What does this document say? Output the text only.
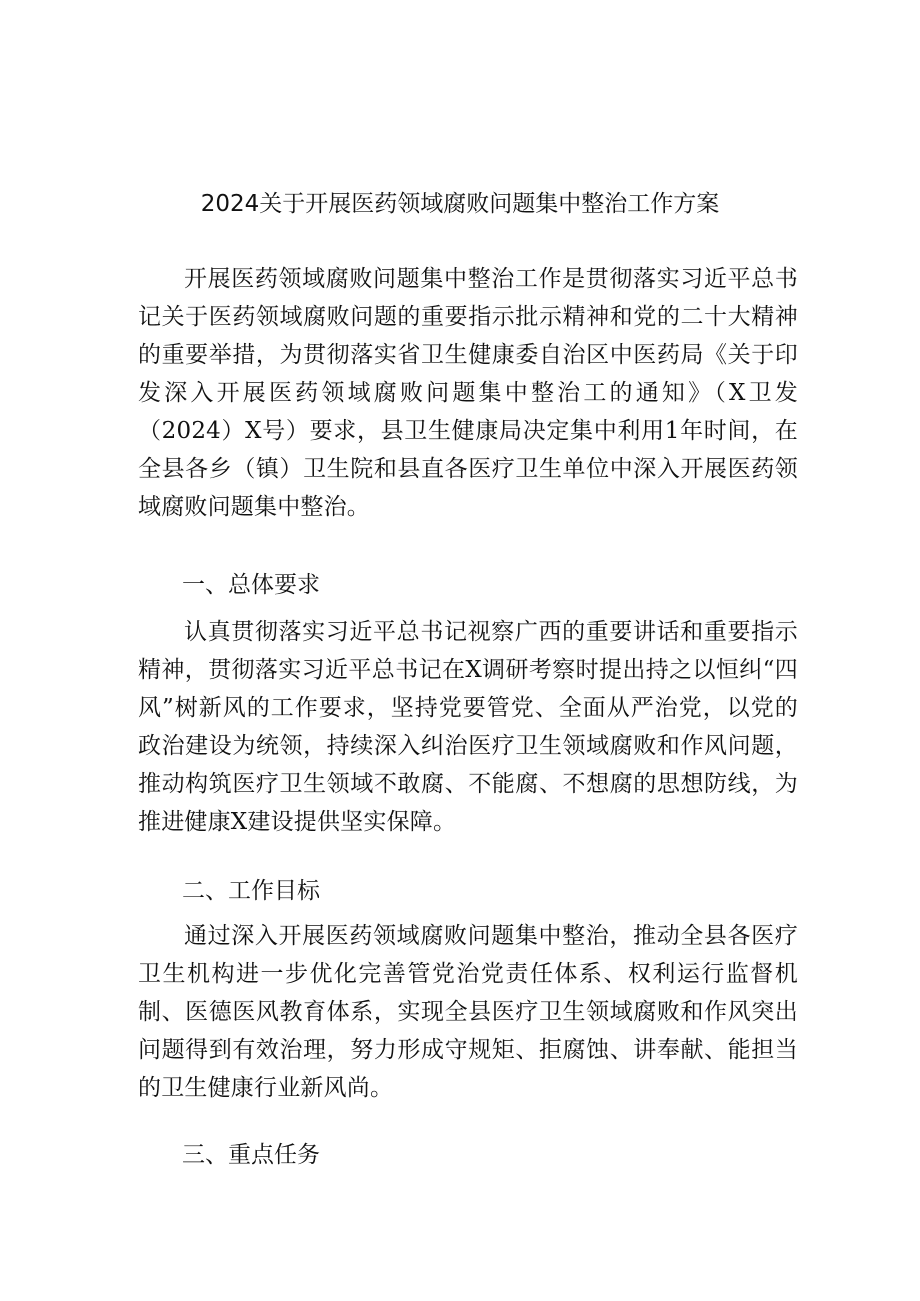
2024关于开展医药领域腐败问题集中整治工作方案

开展医药领域腐败问题集中整治工作是贯彻落实习近平总书记关于医药领域腐败问题的重要指示批示精神和党的二十大精神的重要举措，为贯彻落实省卫生健康委自治区中医药局《关于印发深入开展医药领域腐败问题集中整治工的通知》（X卫发（2024）X号）要求，县卫生健康局决定集中利用1年时间，在全县各乡（镇）卫生院和县直各医疗卫生单位中深入开展医药领域腐败问题集中整治。

一、总体要求

认真贯彻落实习近平总书记视察广西的重要讲话和重要指示精神，贯彻落实习近平总书记在X调研考察时提出持之以恒纠“四风”树新风的工作要求，坚持党要管党、全面从严治党，以党的政治建设为统领，持续深入纠治医疗卫生领域腐败和作风问题，推动构筑医疗卫生领域不敢腐、不能腐、不想腐的思想防线，为推进健康X建设提供坚实保障。

二、工作目标

通过深入开展医药领域腐败问题集中整治，推动全县各医疗卫生机构进一步优化完善管党治党责任体系、权利运行监督机制、医德医风教育体系，实现全县医疗卫生领域腐败和作风突出问题得到有效治理，努力形成守规矩、拒腐蚀、讲奉献、能担当的卫生健康行业新风尚。

三、重点任务
